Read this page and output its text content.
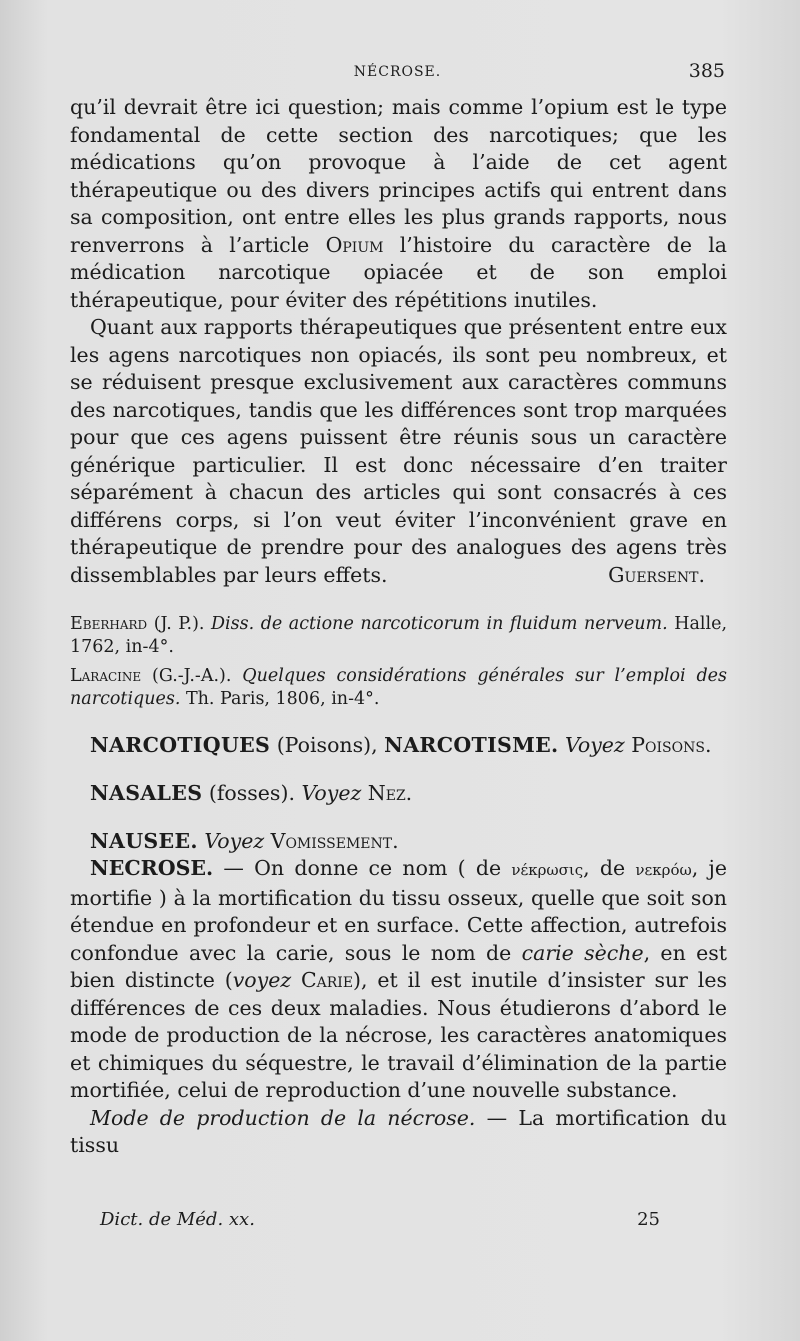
NÉCROSE.	385

qu’il devrait être ici question; mais comme l’opium est le type fondamental de cette section des narcotiques; que les médications qu’on provoque à l’aide de cet agent thérapeutique ou des divers principes actifs qui entrent dans sa composition, ont entre elles les plus grands rapports, nous renverrons à l’article Opium l’histoire du caractère de la médication narcotique opiacée et de son emploi thérapeutique, pour éviter des répétitions inutiles.

Quant aux rapports thérapeutiques que présentent entre eux les agens narcotiques non opiacés, ils sont peu nombreux, et se réduisent presque exclusivement aux caractères communs des narcotiques, tandis que les différences sont trop marquées pour que ces agens puissent être réunis sous un caractère générique particulier. Il est donc nécessaire d’en traiter séparément à chacun des articles qui sont consacrés à ces différens corps, si l’on veut éviter l’inconvénient grave en thérapeutique de prendre pour des analogues des agens très dissemblables par leurs effets.	Guersent.

Eberhard (J. P.). Diss. de actione narcoticorum in fluidum nerveum. Halle, 1762, in-4°.

Laracine (G.-J.-A.). Quelques considérations générales sur l’emploi des narcotiques. Th. Paris, 1806, in-4°.

NARCOTIQUES (Poisons), NARCOTISME. Voyez Poisons.
NASALES (fosses). Voyez Nez.
NAUSEE. Voyez Vomissement.

NECROSE. — On donne ce nom ( de νέκρωσις, de νεκρόω, je mortifie ) à la mortification du tissu osseux, quelle que soit son étendue en profondeur et en surface. Cette affection, autrefois confondue avec la carie, sous le nom de carie sèche, en est bien distincte (voyez Carie), et il est inutile d’insister sur les différences de ces deux maladies. Nous étudierons d’abord le mode de production de la nécrose, les caractères anatomiques et chimiques du séquestre, le travail d’élimination de la partie mortifiée, celui de reproduction d’une nouvelle substance.

Mode de production de la nécrose. — La mortification du tissu

Dict. de Méd. xx.	25
